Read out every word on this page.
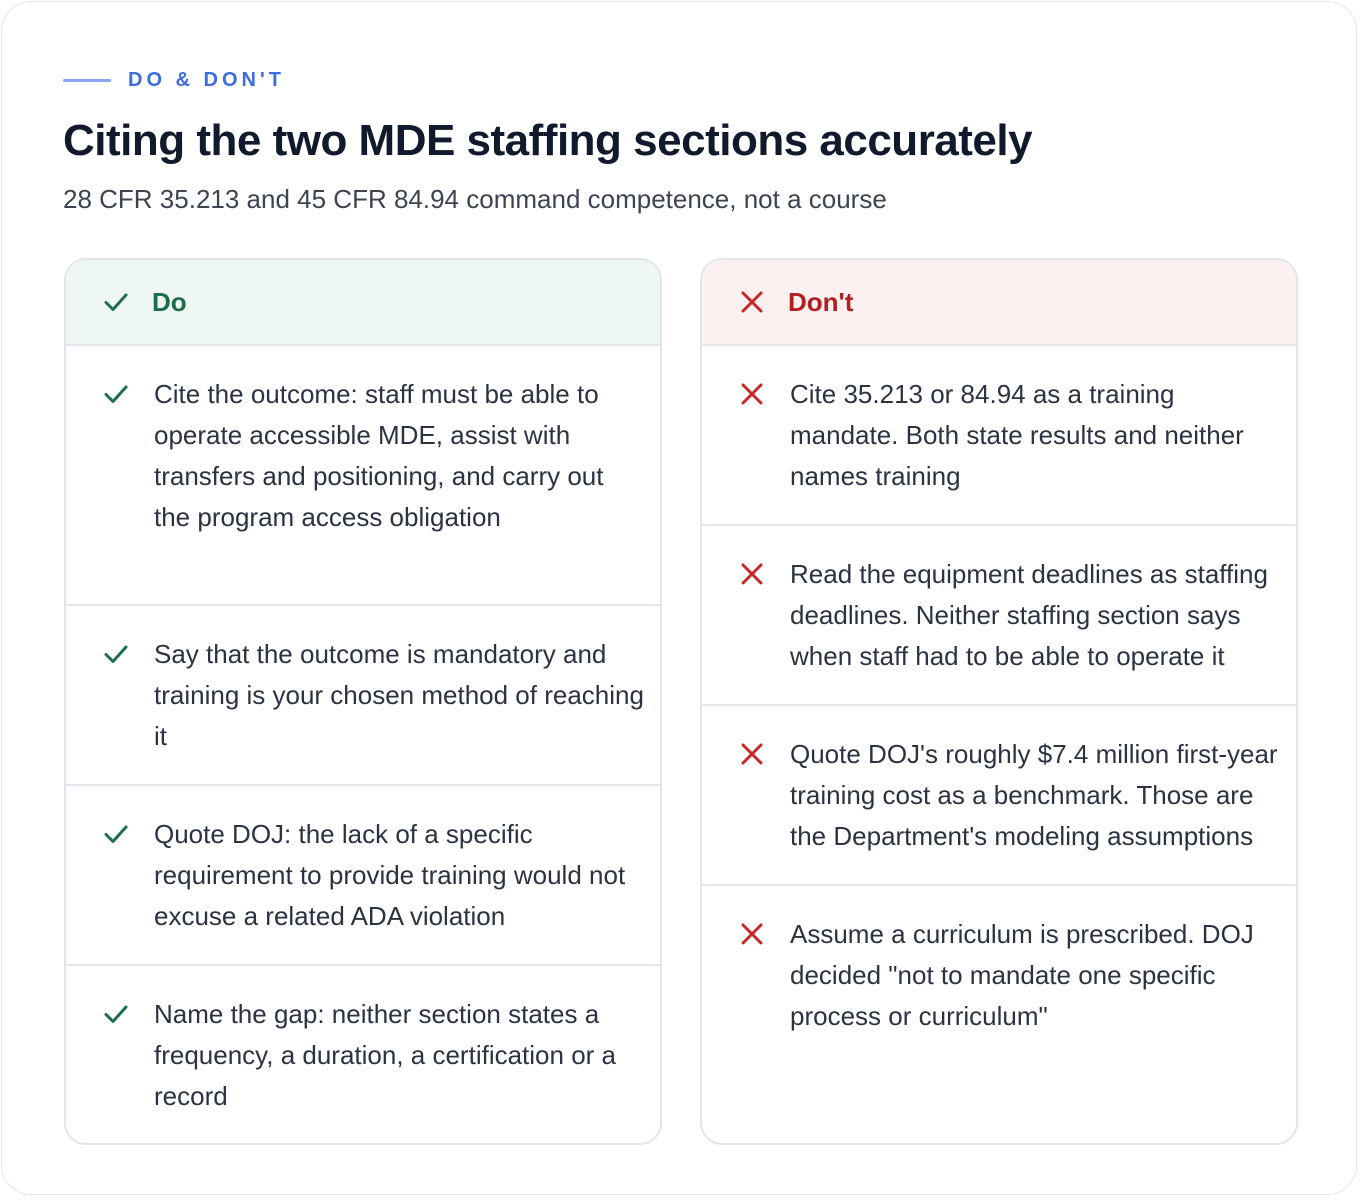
DO & DON'T
Citing the two MDE staffing sections accurately

28 CFR 35.213 and 45 CFR 84.94 command competence, not a course

Do

Cite the outcome: staff must be able to operate accessible MDE, assist with transfers and positioning, and carry out the program access obligation

Say that the outcome is mandatory and training is your chosen method of reaching it

Quote DOJ: the lack of a specific requirement to provide training would not excuse a related ADA violation

Name the gap: neither section states a frequency, a duration, a certification or a record

Don't

Cite 35.213 or 84.94 as a training mandate. Both state results and neither names training

Read the equipment deadlines as staffing deadlines. Neither staffing section says when staff had to be able to operate it

Quote DOJ's roughly $7.4 million first-year training cost as a benchmark. Those are the Department's modeling assumptions

Assume a curriculum is prescribed. DOJ decided "not to mandate one specific process or curriculum"
